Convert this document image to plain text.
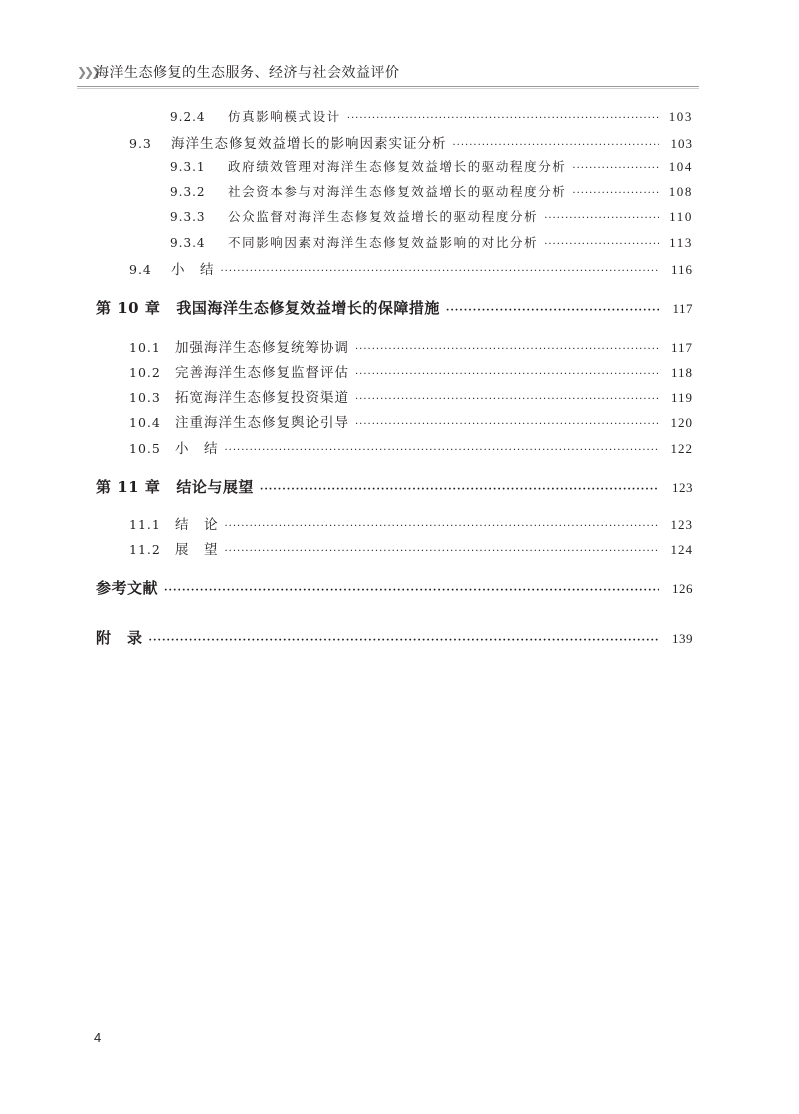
❯❯❯
海洋生态修复的生态服务、经济与社会效益评价
9.2.4	仿真影响模式设计 ·····	103
9.3	海洋生态修复效益增长的影响因素实证分析 ·····	103
9.3.1	政府绩效管理对海洋生态修复效益增长的驱动程度分析 ·····	104
9.3.2	社会资本参与对海洋生态修复效益增长的驱动程度分析 ·····	108
9.3.3	公众监督对海洋生态修复效益增长的驱动程度分析 ·····	110
9.3.4	不同影响因素对海洋生态修复效益影响的对比分析 ·····	113
9.4	小　结 ·····	116
第 10 章 我国海洋生态修复效益增长的保障措施 ·····	117
10.1	加强海洋生态修复统筹协调 ·····	117
10.2	完善海洋生态修复监督评估 ·····	118
10.3	拓宽海洋生态修复投资渠道 ·····	119
10.4	注重海洋生态修复舆论引导 ·····	120
10.5	小　结 ·····	122
第 11 章 结论与展望 ·····	123
11.1	结　论 ·····	123
11.2	展　望 ·····	124
参考文献 ·····	126
附　录 ·····	139
4
